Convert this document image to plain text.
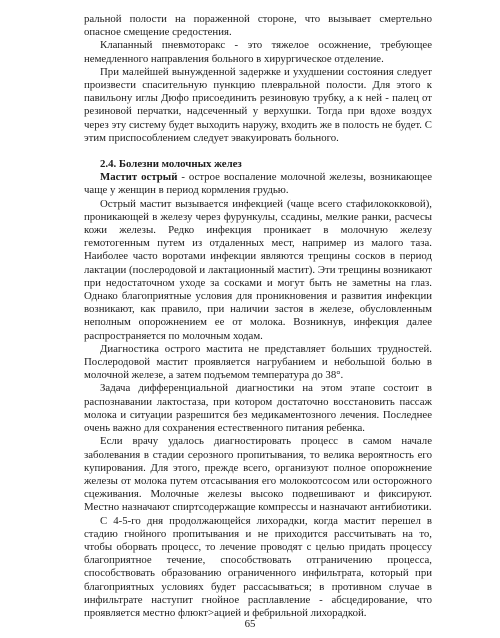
ральной полости на пораженной стороне, что вызывает смертельно опасное смещение средостения.

Клапанный пневмоторакс - это тяжелое осожнение, требующее немедленного направления больного в хирургическое отделение.

При малейшей вынужденной задержке и ухудшении состояния следует произвести спасительную пункцию плевральной полости. Для этого к павильону иглы Дюфо присоединить резиновую трубку, а к ней - палец от резиновой перчатки, надсеченный у верхушки. Тогда при вдохе воздух через эту систему будет выходить наружу, входить же в полость не будет. С этим приспособлением следует эвакуировать больного.

2.4. Болезни молочных желез

Мастит острый - острое воспаление молочной железы, возникающее чаще у женщин в период кормления грудью.

Острый мастит вызывается инфекцией (чаще всего стафилококковой), проникающей в железу через фурункулы, ссадины, мелкие ранки, расчесы кожи железы. Редко инфекция проникает в молочную железу гемотогенным путем из отдаленных мест, например из малого таза. Наиболее часто воротами инфекции являются трещины сосков в период лактации (послеродовой и лактационный мастит). Эти трещины возникают при недостаточном уходе за сосками и могут быть не заметны на глаз. Однако благоприятные условия для проникновения и развития инфекции возникают, как правило, при наличии застоя в железе, обусловленным неполным опорожнением ее от молока. Возникнув, инфекция далее распространяется по молочным ходам.

Диагностика острого мастита не представляет больших трудностей. Послеродовой мастит проявляется нагрубанием и небольшой болью в молочной железе, а затем подъемом температура до 38°.

Задача дифференциальной диагностики на этом этапе состоит в распознавании лактостаза, при котором достаточно восстановить пассаж молока и ситуации разрешится без медикаментозного лечения. Последнее очень важно для сохранения естественного питания ребенка.

Если врачу удалось диагностировать процесс в самом начале заболевания в стадии серозного пропитывания, то велика вероятность его купирования. Для этого, прежде всего, организуют полное опорожнение железы от молока путем отсасывания его молокоотсосом или осторожного сцеживания. Молочные железы высоко подвешивают и фиксируют. Местно назначают спиртсодержащие компрессы и назначают антибиотики.

С 4-5-го дня продолжающейся лихорадки, когда мастит перешел в стадию гнойного пропитывания и не приходится рассчитывать на то, чтобы оборвать процесс, то лечение проводят с целью придать процессу благоприятное течение, способствовать отграничению процесса, способствовать образованию ограниченного инфильтрата, который при благоприятных условиях будет рассасываться; в противном случае в инфильтрате наступит гнойное расплавление - абсцедирование, что проявляется местно флюкт>ацией и фебрильной лихорадкой.

65
